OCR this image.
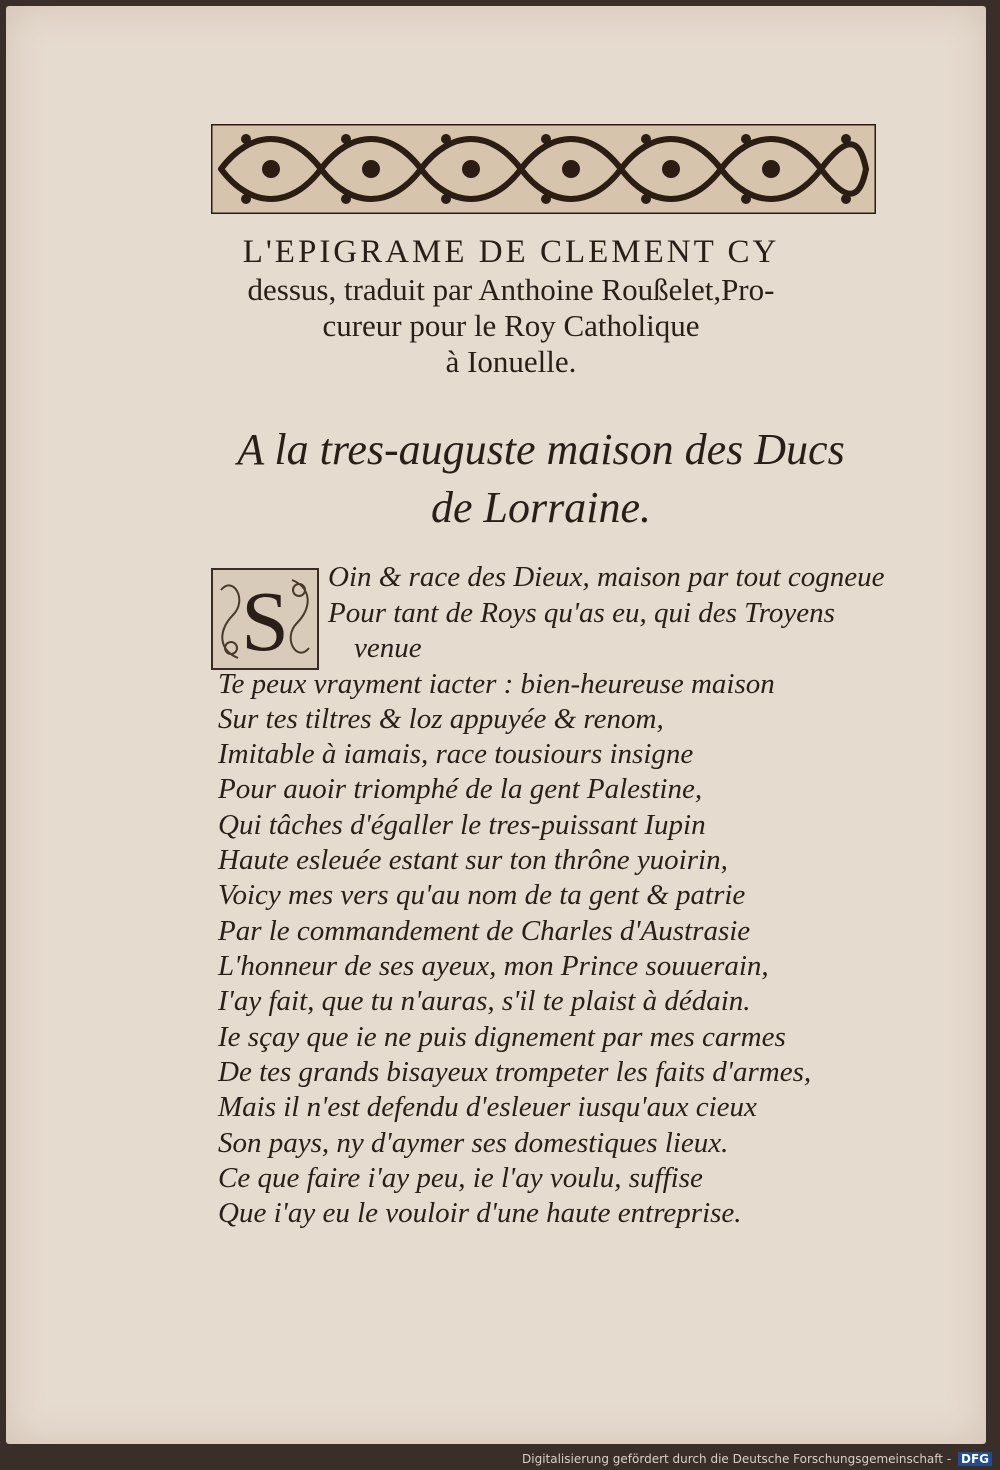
L'EPIGRAME DE CLEMENT CY
dessus, traduit par Anthoine Roußelet,Pro-
cureur pour le Roy Catholique
à Ionuelle.
A la tres-auguste maison des Ducs
de Lorraine.
S Oin & race des Dieux, maison par tout cogneue
Pour tant de Roys qu'as eu, qui des Troyens
venue
Te peux vrayment iacter : bien-heureuse maison
Sur tes tiltres & loz appuyée & renom,
Imitable à iamais, race tousiours insigne
Pour auoir triomphé de la gent Palestine,
Qui tâches d'égaller le tres-puissant Iupin
Haute esleuée estant sur ton thrône yuoirin,
Voicy mes vers qu'au nom de ta gent & patrie
Par le commandement de Charles d'Austrasie
L'honneur de ses ayeux, mon Prince souuerain,
I'ay fait, que tu n'auras, s'il te plaist à dédain.
Ie sçay que ie ne puis dignement par mes carmes
De tes grands bisayeux trompeter les faits d'armes,
Mais il n'est defendu d'esleuer iusqu'aux cieux
Son pays, ny d'aymer ses domestiques lieux.
Ce que faire i'ay peu, ie l'ay voulu, suffise
Que i'ay eu le vouloir d'une haute entreprise.
Digitalisierung gefördert durch die Deutsche Forschungsgemeinschaft - DFG
